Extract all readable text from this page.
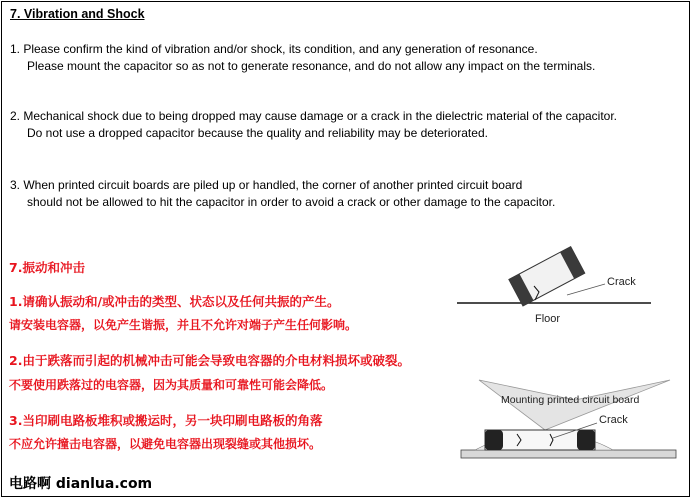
7. Vibration and Shock
1. Please confirm the kind of vibration and/or shock, its condition, and any generation of resonance.
Please mount the capacitor so as not to generate resonance, and do not allow any impact on the terminals.
2. Mechanical shock due to being dropped may cause damage or a crack in the dielectric material of the capacitor.
Do not use a dropped capacitor because the quality and reliability may be deteriorated.
3. When printed circuit boards are piled up or handled, the corner of another printed circuit board
should not be allowed to hit the capacitor in order to avoid a crack or other damage to the capacitor.
7.振动和冲击
1.请确认振动和/或冲击的类型、状态以及任何共振的产生。
请安装电容器，以免产生谐振，并且不允许对端子产生任何影响。
2.由于跌落而引起的机械冲击可能会导致电容器的介电材料损坏或破裂。
不要使用跌落过的电容器，因为其质量和可靠性可能会降低。
3.当印刷电路板堆积或搬运时，另一块印刷电路板的角落
不应允许撞击电容器，以避免电容器出现裂缝或其他损坏。
Crack
Floor
Mounting printed circuit board
Crack
电路啊 dianlua.com
